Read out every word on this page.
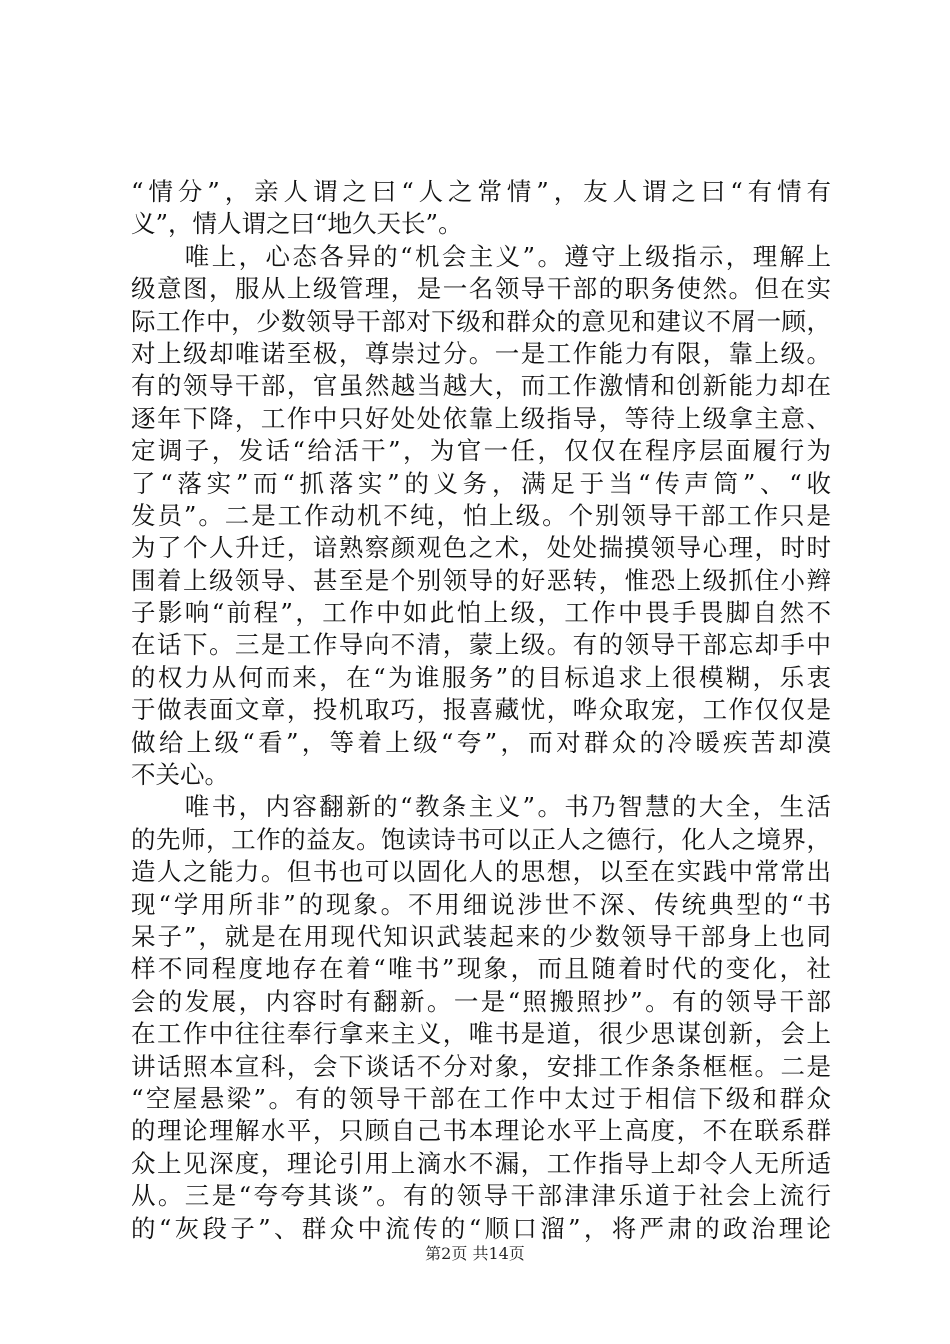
“情分”，亲人谓之曰“人之常情”，友人谓之曰“有情有
义”，情人谓之曰“地久天长”。
　　唯上，心态各异的“机会主义”。遵守上级指示，理解上
级意图，服从上级管理，是一名领导干部的职务使然。但在实
际工作中，少数领导干部对下级和群众的意见和建议不屑一顾，
对上级却唯诺至极，尊崇过分。一是工作能力有限，靠上级。
有的领导干部，官虽然越当越大，而工作激情和创新能力却在
逐年下降，工作中只好处处依靠上级指导，等待上级拿主意、
定调子，发话“给活干”，为官一任，仅仅在程序层面履行为
了“落实”而“抓落实”的义务，满足于当“传声筒”、“收
发员”。二是工作动机不纯，怕上级。个别领导干部工作只是
为了个人升迁，谙熟察颜观色之术，处处揣摸领导心理，时时
围着上级领导、甚至是个别领导的好恶转，惟恐上级抓住小辫
子影响“前程”，工作中如此怕上级，工作中畏手畏脚自然不
在话下。三是工作导向不清，蒙上级。有的领导干部忘却手中
的权力从何而来，在“为谁服务”的目标追求上很模糊，乐衷
于做表面文章，投机取巧，报喜藏忧，哗众取宠，工作仅仅是
做给上级“看”，等着上级“夸”，而对群众的冷暖疾苦却漠
不关心。
　　唯书，内容翻新的“教条主义”。书乃智慧的大全，生活
的先师，工作的益友。饱读诗书可以正人之德行，化人之境界，
造人之能力。但书也可以固化人的思想，以至在实践中常常出
现“学用所非”的现象。不用细说涉世不深、传统典型的“书
呆子”，就是在用现代知识武装起来的少数领导干部身上也同
样不同程度地存在着“唯书”现象，而且随着时代的变化，社
会的发展，内容时有翻新。一是“照搬照抄”。有的领导干部
在工作中往往奉行拿来主义，唯书是道，很少思谋创新，会上
讲话照本宣科，会下谈话不分对象，安排工作条条框框。二是
“空屋悬梁”。有的领导干部在工作中太过于相信下级和群众
的理论理解水平，只顾自己书本理论水平上高度，不在联系群
众上见深度，理论引用上滴水不漏，工作指导上却令人无所适
从。三是“夸夸其谈”。有的领导干部津津乐道于社会上流行
的“灰段子”、群众中流传的“顺口溜”，将严肃的政治理论
第2页 共14页
